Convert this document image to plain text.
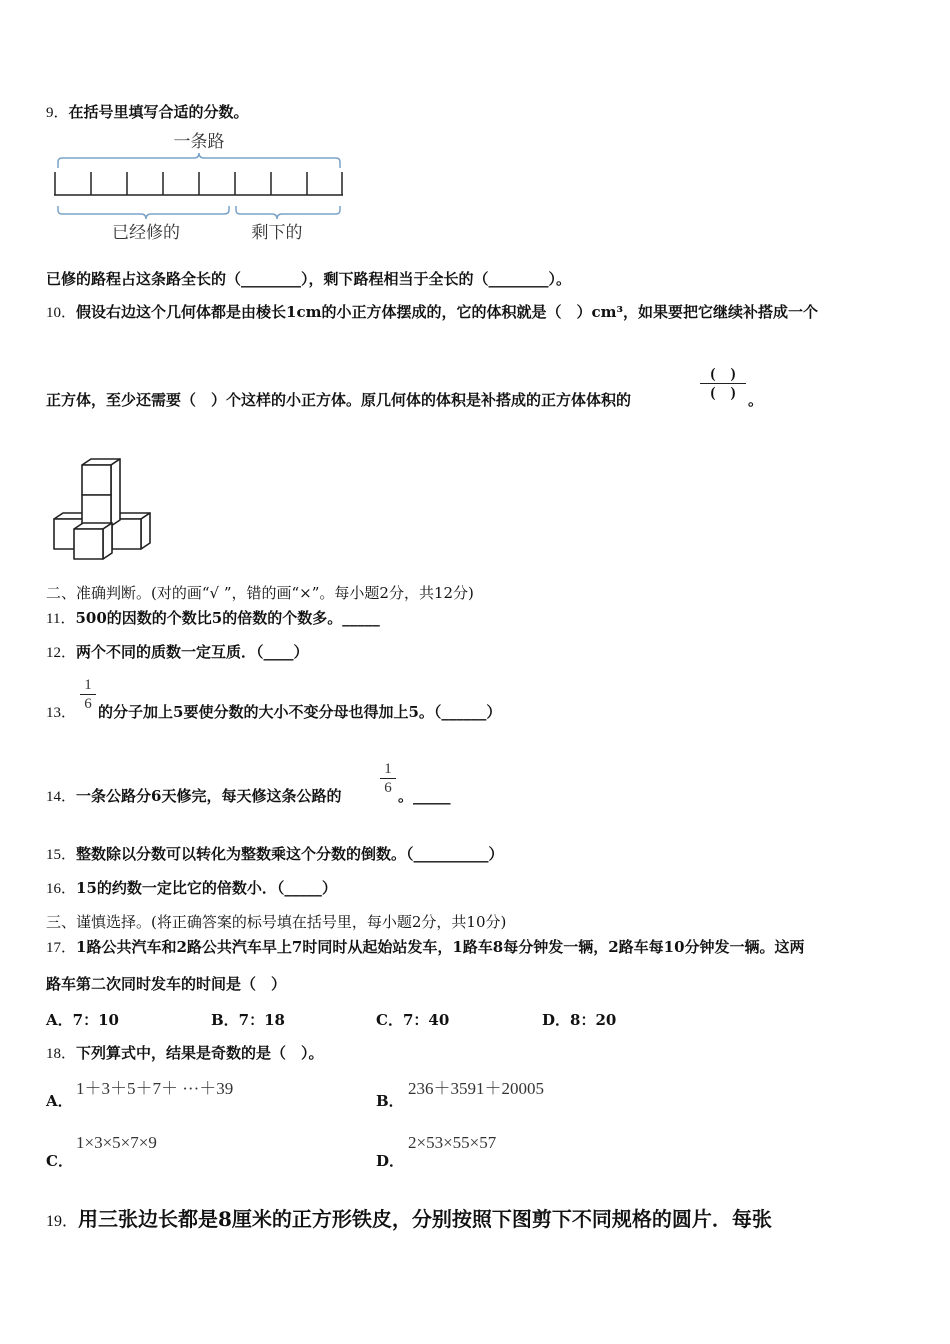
9．在括号里填写合适的分数。
一条路
已经修的	剩下的
已修的路程占这条路全长的（________），剩下路程相当于全长的（________）。
10．假设右边这个几何体都是由棱长1cm的小正方体摆成的，它的体积就是（　）cm³，如果要把它继续补搭成一个
正方体，至少还需要（　）个这样的小正方体。原几何体的体积是补搭成的正方体体积的
(　)
(　) 。
二、准确判断。(对的画“√ ”，错的画“×”。每小题2分，共12分)
11．500的因数的个数比5的倍数的个数多。_____
12．两个不同的质数一定互质．（____）
13．
1
6 的分子加上5要使分数的大小不变分母也得加上5。（______）
14．一条公路分6天修完，每天修这条公路的
1
6 。_____
15．整数除以分数可以转化为整数乘这个分数的倒数。（__________）
16．15的约数一定比它的倍数小．（_____）
三、谨慎选择。(将正确答案的标号填在括号里，每小题2分，共10分)
17．1路公共汽车和2路公共汽车早上7时同时从起始站发车，1路车8每分钟发一辆，2路车每10分钟发一辆。这两
路车第二次同时发车的时间是（　）
A．7：10	B．7：18	C．7：40	D．8：20
18．下列算式中，结果是奇数的是（　）。
A．
1＋3＋5＋7＋ ···＋39
B．
236＋3591＋20005
C．
1×3×5×7×9
D．
2×53×55×57
19．用三张边长都是8厘米的正方形铁皮，分别按照下图剪下不同规格的圆片．每张
